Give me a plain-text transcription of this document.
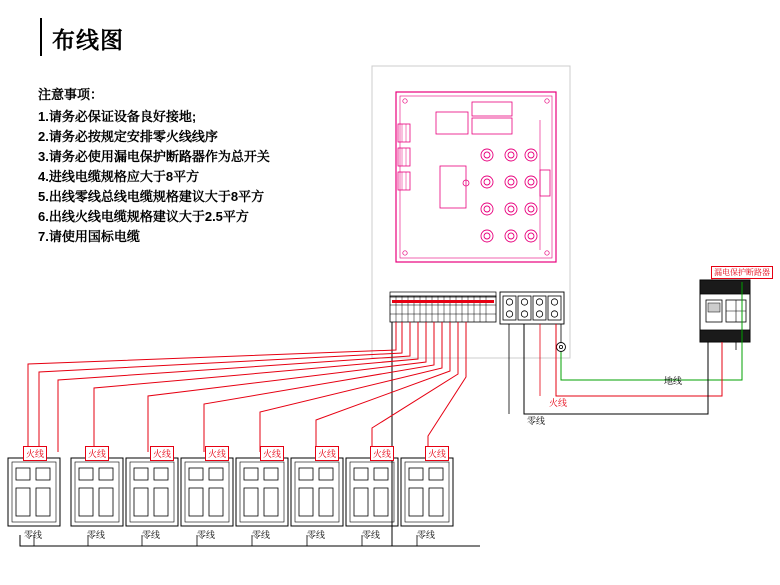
布线图
注意事项：
1.请务必保证设备良好接地;
2.请务必按规定安排零火线线序
3.请务必使用漏电保护断路器作为总开关
4.进线电缆规格应大于8平方
5.出线零线总线电缆规格建议大于8平方
6.出线火线电缆规格建议大于2.5平方
7.请使用国标电缆
漏电保护断路器
地线
火线
零线
火线	火线	火线	火线	火线	火线	火线	火线
零线	零线	零线	零线	零线	零线	零线	零线
